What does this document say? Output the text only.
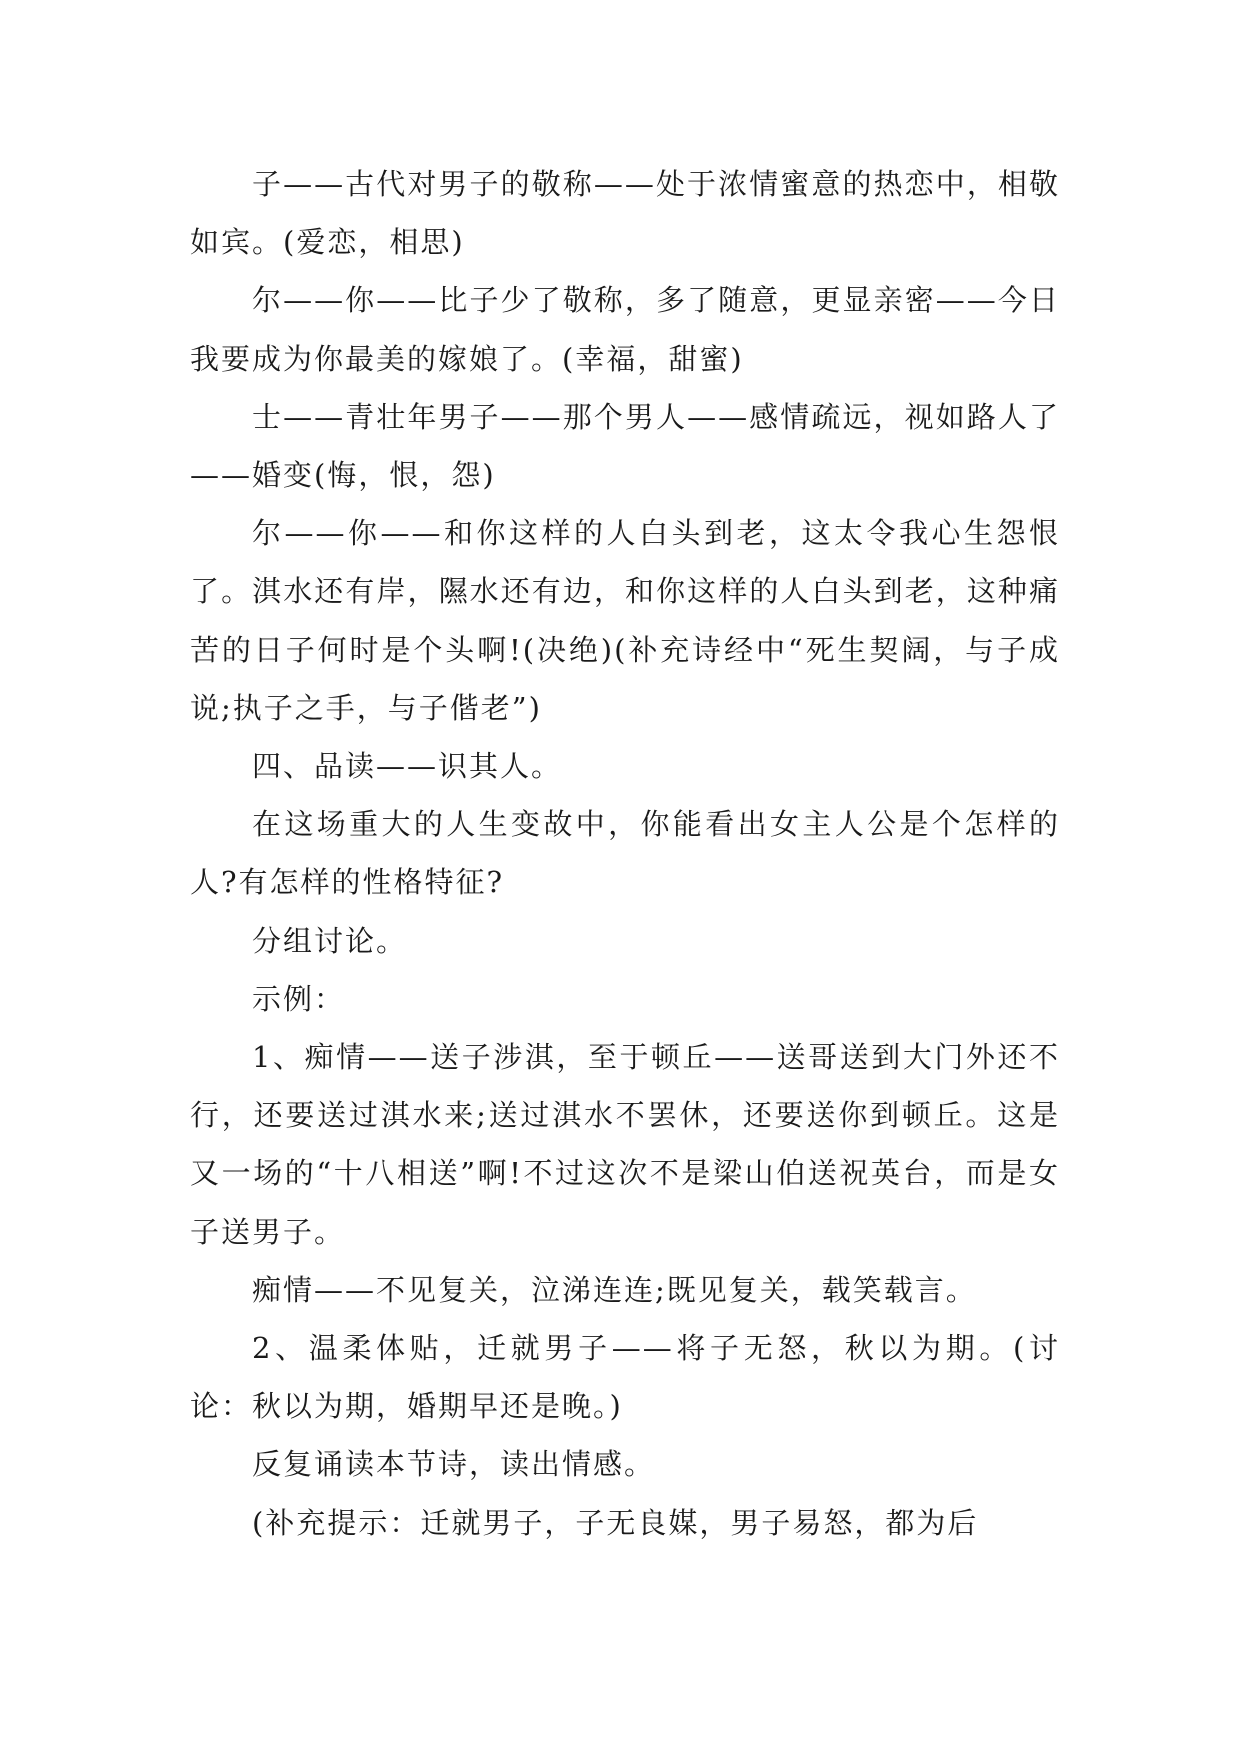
子——古代对男子的敬称——处于浓情蜜意的热恋中，相敬如宾。(爱恋，相思)

尔——你——比子少了敬称，多了随意，更显亲密——今日我要成为你最美的嫁娘了。(幸福，甜蜜)

士——青壮年男子——那个男人——感情疏远，视如路人了——婚变(悔，恨，怨)

尔——你——和你这样的人白头到老，这太令我心生怨恨了。淇水还有岸，隰水还有边，和你这样的人白头到老，这种痛苦的日子何时是个头啊!(决绝)(补充诗经中“死生契阔，与子成说;执子之手，与子偕老”)

四、品读——识其人。

在这场重大的人生变故中，你能看出女主人公是个怎样的人?有怎样的性格特征?

分组讨论。

示例：

1、痴情——送子涉淇，至于顿丘——送哥送到大门外还不行，还要送过淇水来;送过淇水不罢休，还要送你到顿丘。这是又一场的“十八相送”啊!不过这次不是梁山伯送祝英台，而是女子送男子。

痴情——不见复关，泣涕连连;既见复关，载笑载言。

2、温柔体贴，迁就男子——将子无怒，秋以为期。(讨论：秋以为期，婚期早还是晚。)

反复诵读本节诗，读出情感。

(补充提示：迁就男子，子无良媒，男子易怒，都为后
